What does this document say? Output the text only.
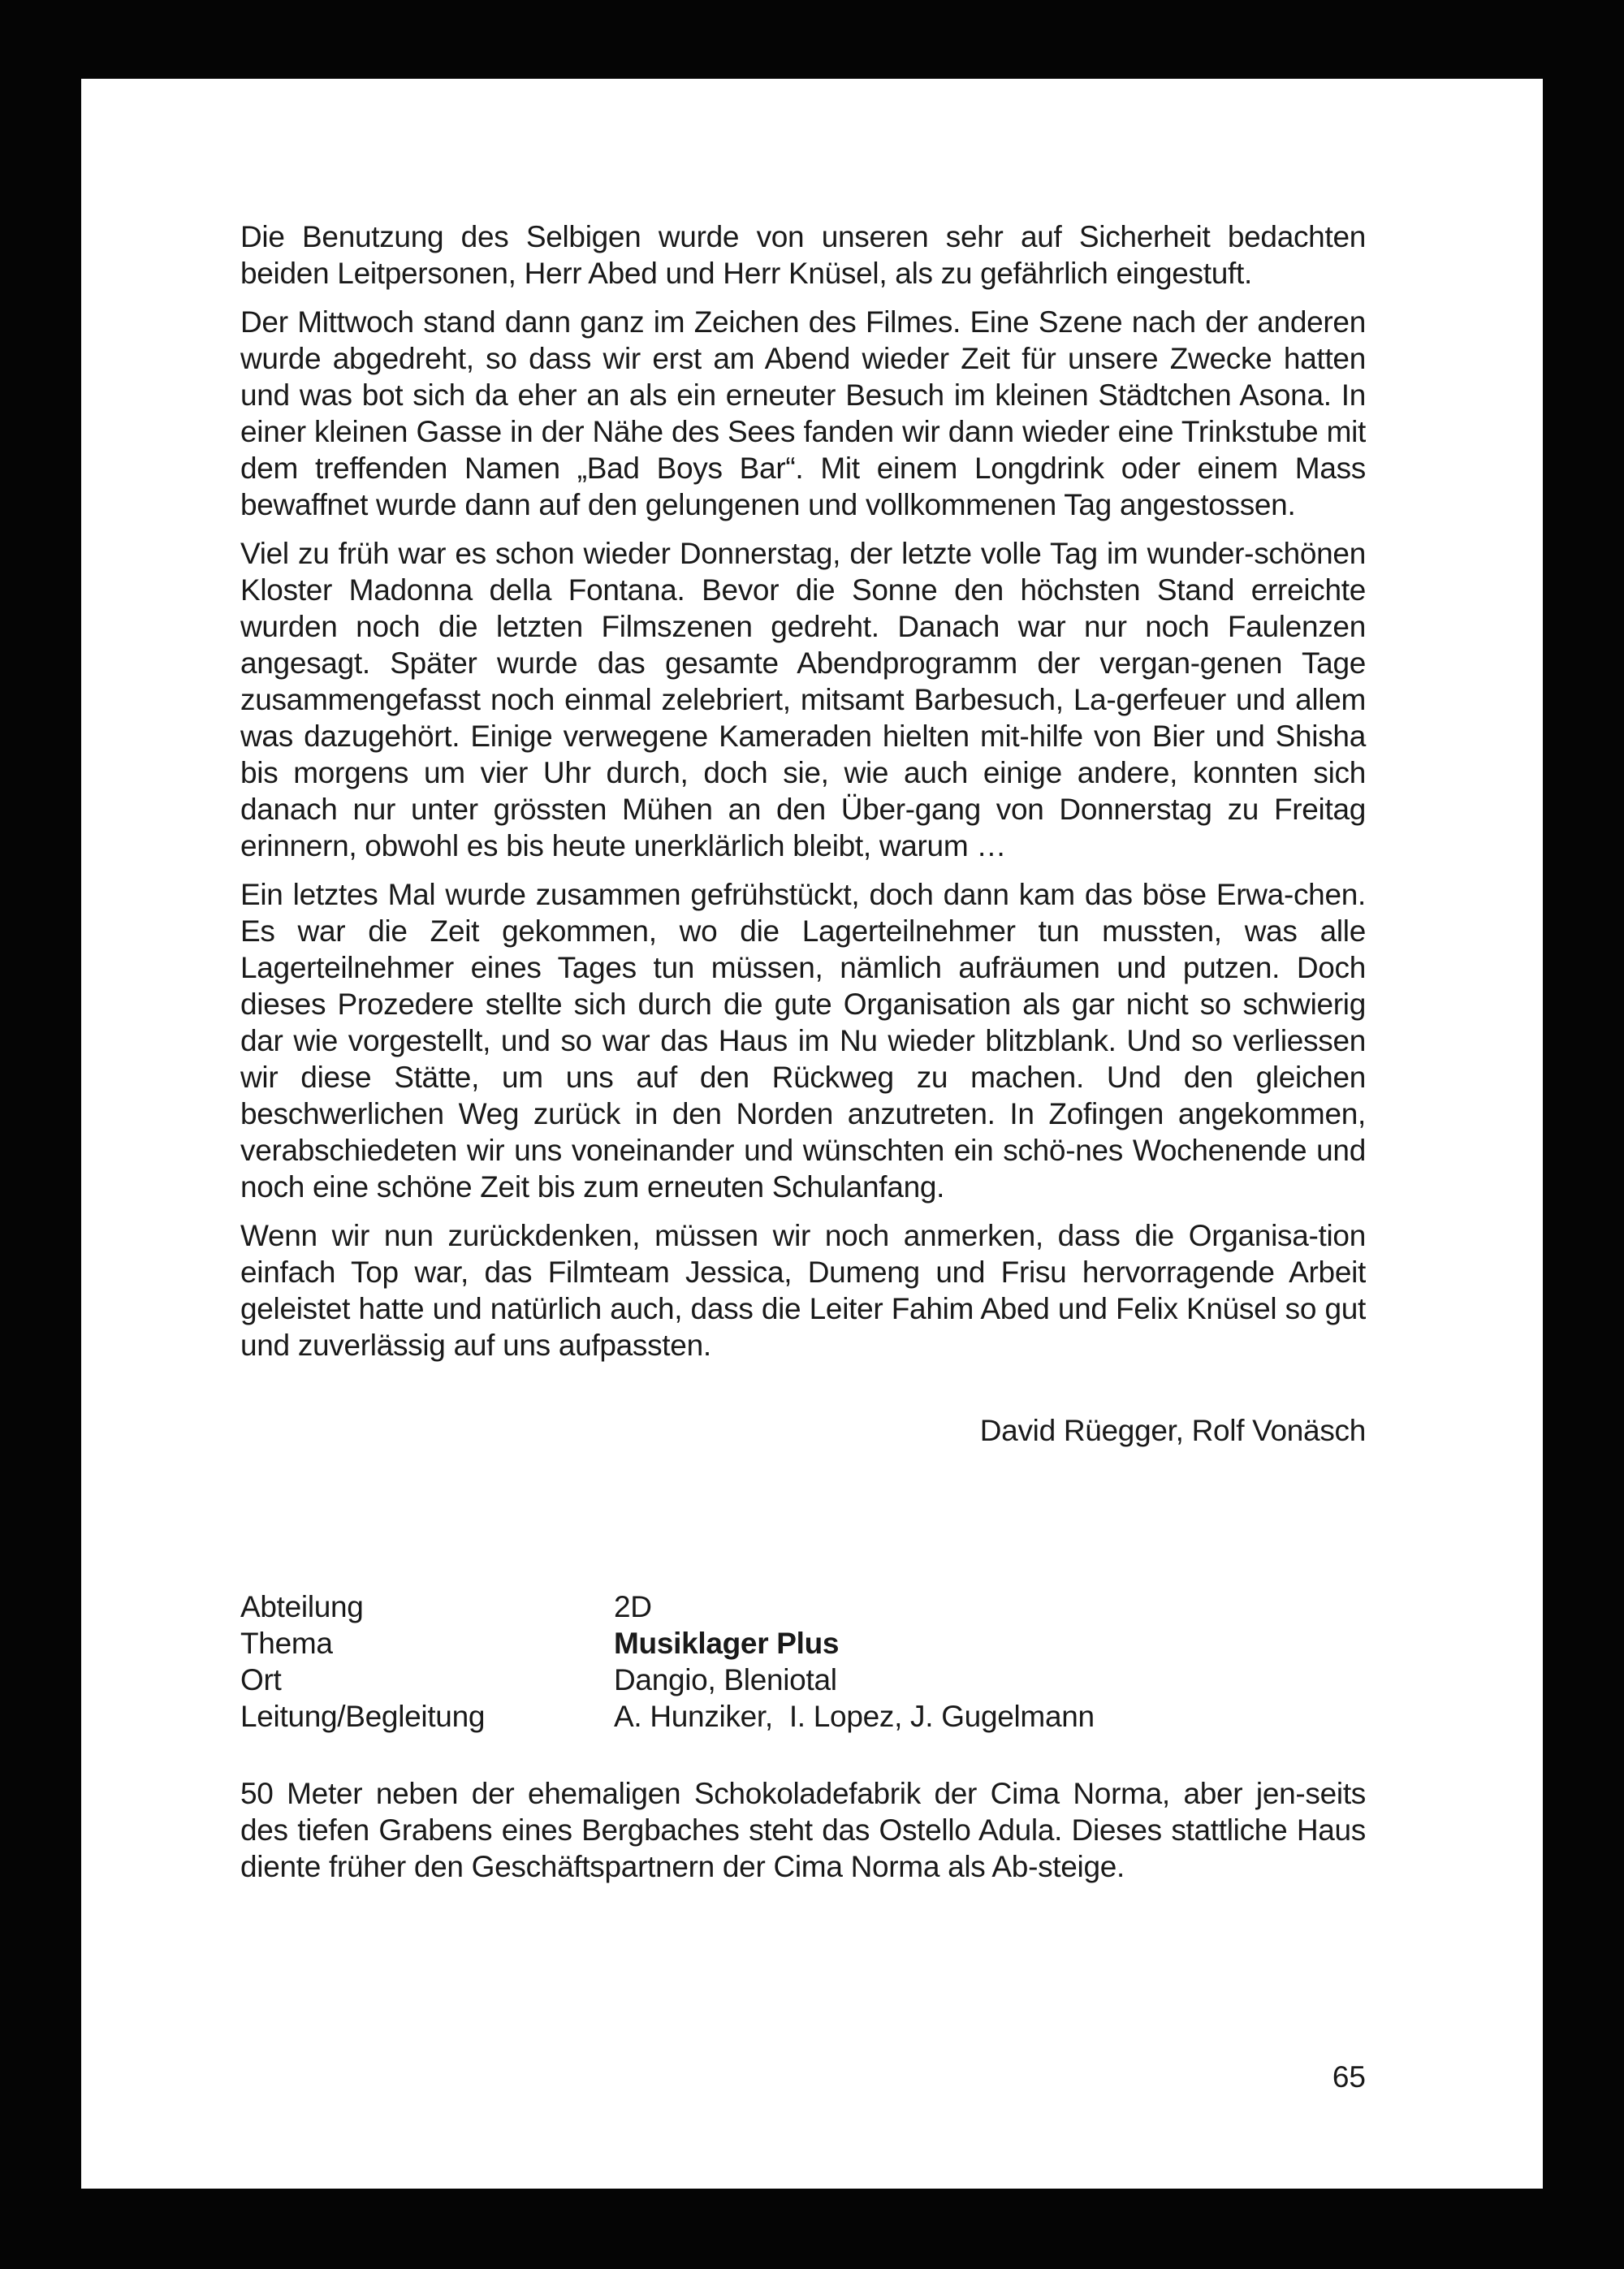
Die Benutzung des Selbigen wurde von unseren sehr auf Sicherheit bedachten beiden Leitpersonen, Herr Abed und Herr Knüsel, als zu gefährlich eingestuft.

Der Mittwoch stand dann ganz im Zeichen des Filmes. Eine Szene nach der anderen wurde abgedreht, so dass wir erst am Abend wieder Zeit für unsere Zwecke hatten und was bot sich da eher an als ein erneuter Besuch im kleinen Städtchen Asona. In einer kleinen Gasse in der Nähe des Sees fanden wir dann wieder eine Trinkstube mit dem treffenden Namen „Bad Boys Bar“. Mit einem Longdrink oder einem Mass bewaffnet wurde dann auf den gelungenen und vollkommenen Tag angestossen.

Viel zu früh war es schon wieder Donnerstag, der letzte volle Tag im wunder-schönen Kloster Madonna della Fontana. Bevor die Sonne den höchsten Stand erreichte wurden noch die letzten Filmszenen gedreht. Danach war nur noch Faulenzen angesagt. Später wurde das gesamte Abendprogramm der vergan-genen Tage zusammengefasst noch einmal zelebriert, mitsamt Barbesuch, La-gerfeuer und allem was dazugehört. Einige verwegene Kameraden hielten mit-hilfe von Bier und Shisha bis morgens um vier Uhr durch, doch sie, wie auch einige andere, konnten sich danach nur unter grössten Mühen an den Über-gang von Donnerstag zu Freitag erinnern, obwohl es bis heute unerklärlich bleibt, warum …

Ein letztes Mal wurde zusammen gefrühstückt, doch dann kam das böse Erwa-chen. Es war die Zeit gekommen, wo die Lagerteilnehmer tun mussten, was alle Lagerteilnehmer eines Tages tun müssen, nämlich aufräumen und putzen. Doch dieses Prozedere stellte sich durch die gute Organisation als gar nicht so schwierig dar wie vorgestellt, und so war das Haus im Nu wieder blitzblank. Und so verliessen wir diese Stätte, um uns auf den Rückweg zu machen. Und den gleichen beschwerlichen Weg zurück in den Norden anzutreten. In Zofingen angekommen, verabschiedeten wir uns voneinander und wünschten ein schö-nes Wochenende und noch eine schöne Zeit bis zum erneuten Schulanfang.

Wenn wir nun zurückdenken, müssen wir noch anmerken, dass die Organisa-tion einfach Top war, das Filmteam Jessica, Dumeng und Frisu hervorragende Arbeit geleistet hatte und natürlich auch, dass die Leiter Fahim Abed und Felix Knüsel so gut und zuverlässig auf uns aufpassten.

David Rüegger, Rolf Vonäsch
Abteilung	2D
Thema	Musiklager Plus
Ort	Dangio, Bleniotal
Leitung/Begleitung	A. Hunziker,  I. Lopez, J. Gugelmann

50 Meter neben der ehemaligen Schokoladefabrik der Cima Norma, aber jen-seits des tiefen Grabens eines Bergbaches steht das Ostello Adula. Dieses stattliche Haus diente früher den Geschäftspartnern der Cima Norma als Ab-steige.

65
